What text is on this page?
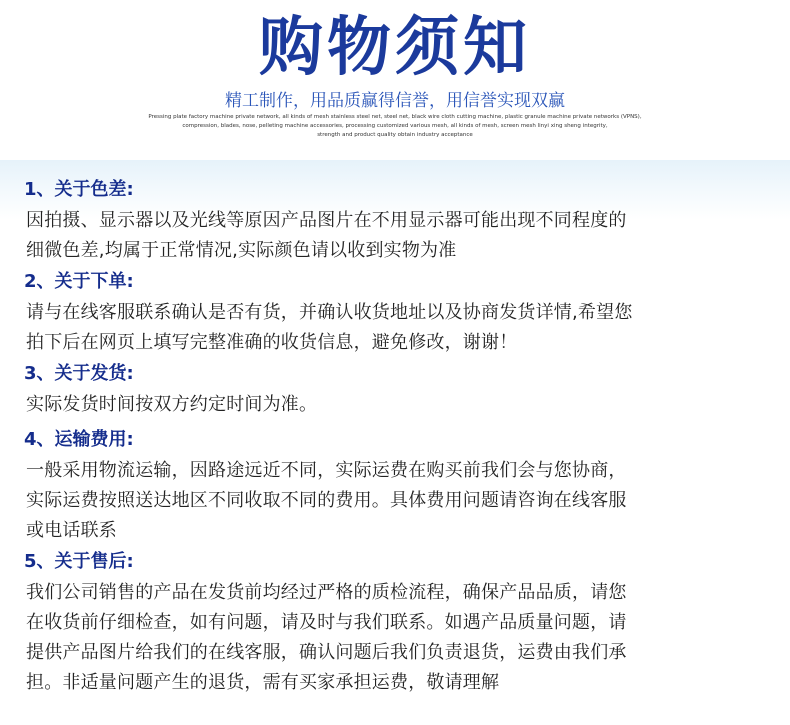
购物须知
精工制作，用品质赢得信誉，用信誉实现双赢
Pressing plate factory machine private network, all kinds of mesh stainless steel net, steel net, black wire cloth cutting machine, plastic granule machine private networks (VPNS),
compression, blades, nose, pelleting machine accessories, processing customized various mesh, all kinds of mesh, screen mesh linyi xing sheng integrity,
strength and product quality obtain industry acceptance
1、关于色差:
因拍摄、显示器以及光线等原因产品图片在不用显示器可能出现不同程度的
细微色差,均属于正常情况,实际颜色请以收到实物为准
2、关于下单:
请与在线客服联系确认是否有货，并确认收货地址以及协商发货详情,希望您
拍下后在网页上填写完整准确的收货信息，避免修改，谢谢！
3、关于发货:
实际发货时间按双方约定时间为准。
4、运输费用:
一般采用物流运输，因路途远近不同，实际运费在购买前我们会与您协商，
实际运费按照送达地区不同收取不同的费用。具体费用问题请咨询在线客服
或电话联系
5、关于售后:
我们公司销售的产品在发货前均经过严格的质检流程，确保产品品质，请您
在收货前仔细检查，如有问题，请及时与我们联系。如遇产品质量问题，请
提供产品图片给我们的在线客服，确认问题后我们负责退货，运费由我们承
担。非适量问题产生的退货，需有买家承担运费，敬请理解
